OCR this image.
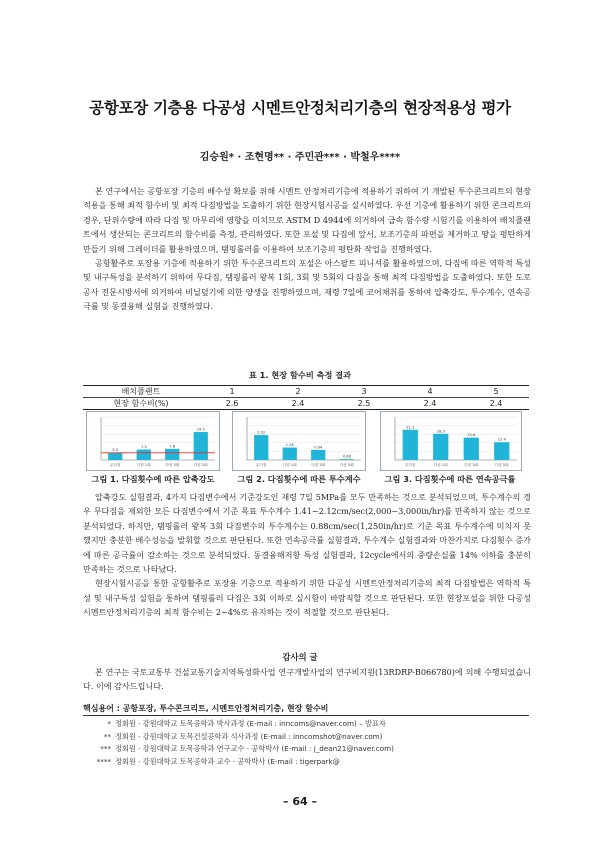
공항포장 기층용 다공성 시멘트안정처리기층의 현장적용성 평가
김승원* · 조현명** · 주민관*** · 박철우****

본 연구에서는 공항포장 기층의 배수성 확보를 위해 시멘트 안정처리기층에 적용하기 위하여 기 개발된 투수콘크리트의 현장 적용을 통해 최적 함수비 및 최적 다짐방법을 도출하기 위한 현장시험시공을 실시하였다. 우선 기층에 활용하기 위한 콘크리트의 경우, 단위수량에 따라 다짐 및 마무리에 영향을 미치므로 ASTM D 4944에 의거하여 급속 함수량 시험기를 이용하여 배치플랜트에서 생산되는 콘크리트의 함수비를 측정, 관리하였다. 또한 포설 및 다짐에 앞서, 보조기층의 파편을 제거하고 땅을 평탄하게 만들기 위해 그레이더를 활용하였으며, 탬핑롤러를 이용하여 보조기층의 평탄화 작업을 진행하였다.

공항활주로 포장용 기층에 적용하기 위한 투수콘크리트의 포설은 아스팔트 피니셔를 활용하였으며, 다짐에 따른 역학적 특성 및 내구특성을 분석하기 위하여 무다짐, 탬핑롤러 왕복 1회, 3회 및 5회의 다짐을 통해 최적 다짐방법을 도출하였다. 또한 도로공사 전문시방서에 의거하여 비닐덮기에 의한 양생을 진행하였으며, 재령 7일에 코어채취를 통하여 압축강도, 투수계수, 연속공극률 및 동결융해 실험을 진행하였다.

표 1. 현장 함수비 측정 결과
배치플랜트	1	2	3	4	5
현장 함수비(%)	2.6	2.4	2.5	2.4	2.4
5.2
무다짐
7.3
다짐 1회
7.8
다짐 3회
19.5
다짐 5회
2.32
무다짐
1.16
다짐 1회
0.94
다짐 3회
0.08
다짐 5회
21.1
무다짐
18.3
다짐 1회
15.6
다짐 3회
12.4
다짐 5회
그림 1. 다짐횟수에 따른 압축강도	그림 2. 다짐횟수에 따른 투수계수	그림 3. 다짐횟수에 따른 연속공극률

압축강도 실험결과, 4가지 다짐변수에서 기준강도인 재령 7일 5MPa를 모두 만족하는 것으로 분석되었으며, 투수계수의 경우 무다짐을 제외한 모든 다짐변수에서 기준 목표 투수계수 1.41~2.12cm/sec(2,000~3,000in/hr)를 만족하지 않는 것으로 분석되었다. 하지만, 탬핑롤러 왕복 3회 다짐변수의 투수계수는 0.88cm/sec(1,250in/hr)로 기준 목표 투수계수에 미치지 못했지만 충분한 배수성능을 발휘할 것으로 판단된다. 또한 연속공극률 실험결과, 투수계수 실험결과와 마찬가지로 다짐횟수 증가에 따른 공극률이 감소하는 것으로 분석되었다. 동결융해저항 특성 실험결과, 12cycle에서의 중량손실률 14% 이하를 충분히 만족하는 것으로 나타났다.

현장시험시공을 통한 공항활주로 포장용 기층으로 적용하기 위한 다공성 시멘트안정처리기층의 최적 다짐방법은 역학적 특성 및 내구특성 실험을 통하여 탬핑롤러 다짐은 3회 이하로 실시함이 바람직할 것으로 판단된다. 또한 현장포설을 위한 다공성 시멘트안정처리기층의 최적 함수비는 2~4%로 유지하는 것이 적절할 것으로 판단된다.

감사의 글

본 연구는 국토교통부 건설교통기술지역특성화사업 연구개발사업의 연구비지원(13RDRP-B066780)에 의해 수행되었습니다. 이에 감사드립니다.

핵심용어 : 공항포장, 투수콘크리트, 시멘트안정처리기층, 현장 함수비
* 정회원 · 강원대학교 토목공학과 박사과정 (E-mail : inncoms@naver.com) – 발표자
** 정회원 · 강원대학교 토목건설공학과 석사과정 (E-mail : inncomshot@naver.com)
*** 정회원 · 강원대학교 토목공학과 연구교수 · 공학박사 (E-mail : j_dean21@naver.com)
**** 정회원 · 강원대학교 토목공학과 교수 · 공학박사 (E-mail : tigerpark@
– 64 –
